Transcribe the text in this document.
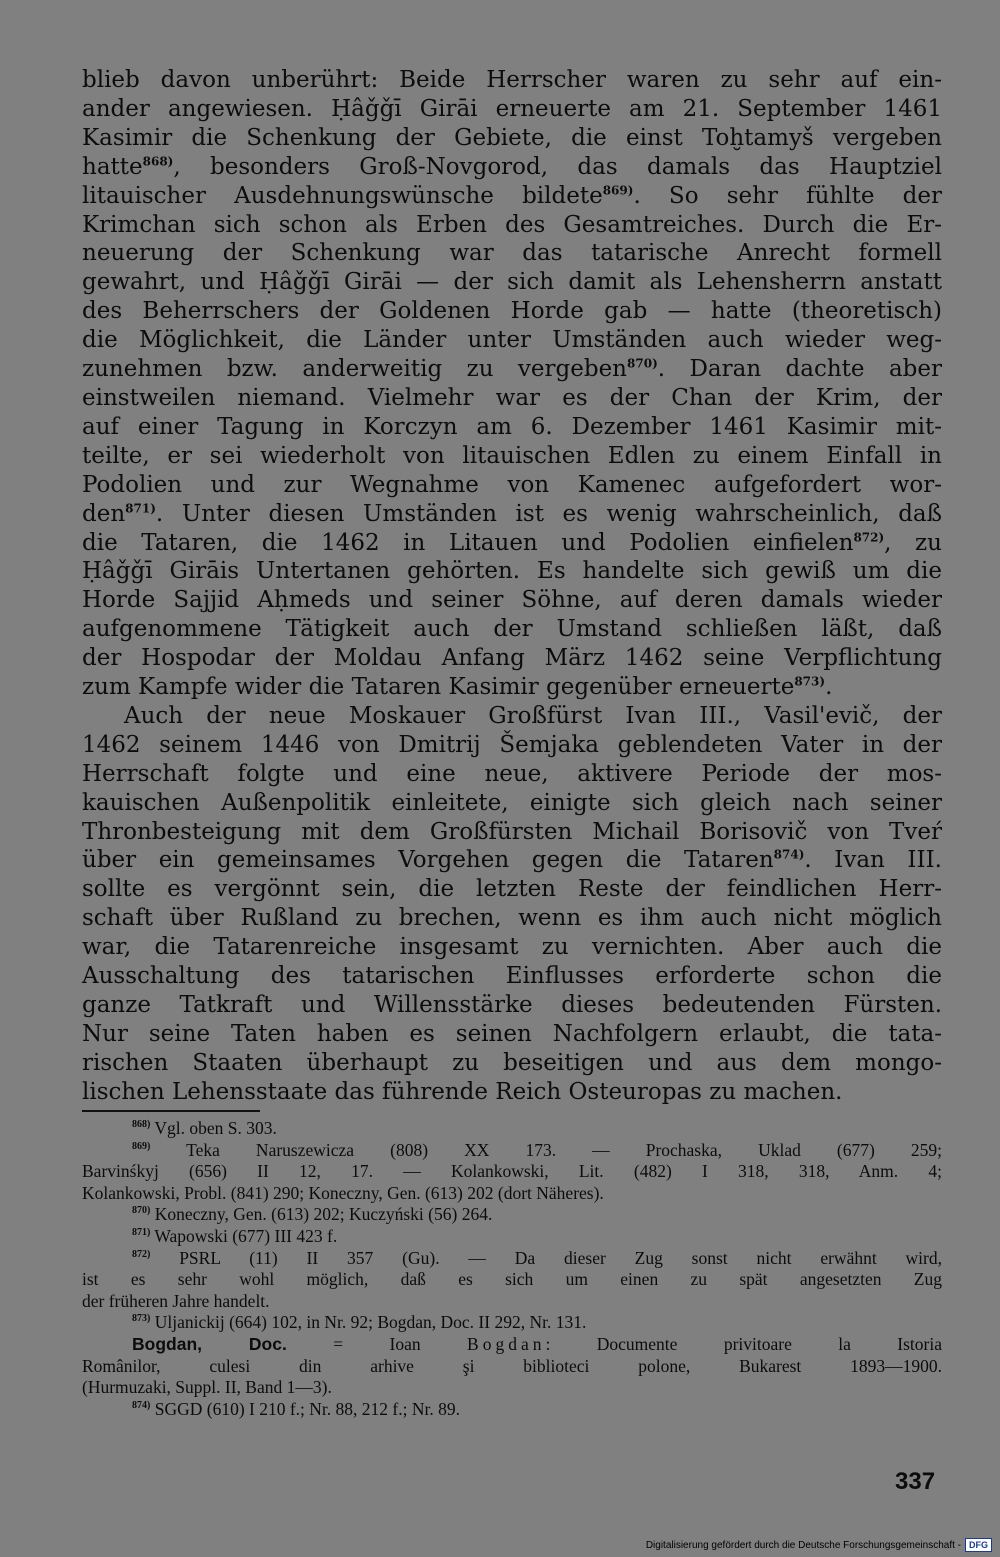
blieb davon unberührt: Beide Herrscher waren zu sehr auf ein-
ander angewiesen. Ḥâǧǧī Girāi erneuerte am 21. September 1461
Kasimir die Schenkung der Gebiete, die einst Toḫtamyš vergeben
hatte$^{868)}$, besonders Groß-Novgorod, das damals das Hauptziel
litauischer Ausdehnungswünsche bildete$^{869)}$. So sehr fühlte der
Krimchan sich schon als Erben des Gesamtreiches. Durch die Er-
neuerung der Schenkung war das tatarische Anrecht formell
gewahrt, und Ḥâǧǧī Girāi — der sich damit als Lehensherrn anstatt
des Beherrschers der Goldenen Horde gab — hatte (theoretisch)
die Möglichkeit, die Länder unter Umständen auch wieder weg-
zunehmen bzw. anderweitig zu vergeben$^{870)}$. Daran dachte aber
einstweilen niemand. Vielmehr war es der Chan der Krim, der
auf einer Tagung in Korczyn am 6. Dezember 1461 Kasimir mit-
teilte, er sei wiederholt von litauischen Edlen zu einem Einfall in
Podolien und zur Wegnahme von Kamenec aufgefordert wor-
den$^{871)}$. Unter diesen Umständen ist es wenig wahrscheinlich, daß
die Tataren, die 1462 in Litauen und Podolien einfielen$^{872)}$, zu
Ḥâǧǧī Girāis Untertanen gehörten. Es handelte sich gewiß um die
Horde Sajjid Aḥmeds und seiner Söhne, auf deren damals wieder
aufgenommene Tätigkeit auch der Umstand schließen läßt, daß
der Hospodar der Moldau Anfang März 1462 seine Verpflichtung
zum Kampfe wider die Tataren Kasimir gegenüber erneuerte$^{873)}$.

Auch der neue Moskauer Großfürst Ivan III., Vasil'evič, der
1462 seinem 1446 von Dmitrij Šemjaka geblendeten Vater in der
Herrschaft folgte und eine neue, aktivere Periode der mos-
kauischen Außenpolitik einleitete, einigte sich gleich nach seiner
Thronbesteigung mit dem Großfürsten Michail Borisovič von Tveŕ
über ein gemeinsames Vorgehen gegen die Tataren$^{874)}$. Ivan III.
sollte es vergönnt sein, die letzten Reste der feindlichen Herr-
schaft über Rußland zu brechen, wenn es ihm auch nicht möglich
war, die Tatarenreiche insgesamt zu vernichten. Aber auch die
Ausschaltung des tatarischen Einflusses erforderte schon die
ganze Tatkraft und Willensstärke dieses bedeutenden Fürsten.
Nur seine Taten haben es seinen Nachfolgern erlaubt, die tata-
rischen Staaten überhaupt zu beseitigen und aus dem mongo-
lischen Lehensstaate das führende Reich Osteuropas zu machen.

$^{868)}$ Vgl. oben S. 303.
$^{869)}$ Teka Naruszewicza (808) XX 173. — Prochaska, Uklad (677) 259;
Barvinśkyj (656) II 12, 17. — Kolankowski, Lit. (482) I 318, 318, Anm. 4;
Kolankowski, Probl. (841) 290; Koneczny, Gen. (613) 202 (dort Näheres).
$^{870)}$ Koneczny, Gen. (613) 202; Kuczyński (56) 264.
$^{871)}$ Wapowski (677) III 423 f.
$^{872)}$ PSRL (11) II 357 (Gu). — Da dieser Zug sonst nicht erwähnt wird,
ist es sehr wohl möglich, daß es sich um einen zu spät angesetzten Zug
der früheren Jahre handelt.
$^{873)}$ Uljanickij (664) 102, in Nr. 92; Bogdan, Doc. II 292, Nr. 131.
Bogdan, Doc. = Ioan Bogdan: Documente privitoare la Istoria
Românilor, culesi din arhive şi biblioteci polone, Bukarest 1893—1900.
(Hurmuzaki, Suppl. II, Band 1—3).
$^{874)}$ SGGD (610) I 210 f.; Nr. 88, 212 f.; Nr. 89.
337
Digitalisierung gefördert durch die Deutsche Forschungsgemeinschaft - DFG
